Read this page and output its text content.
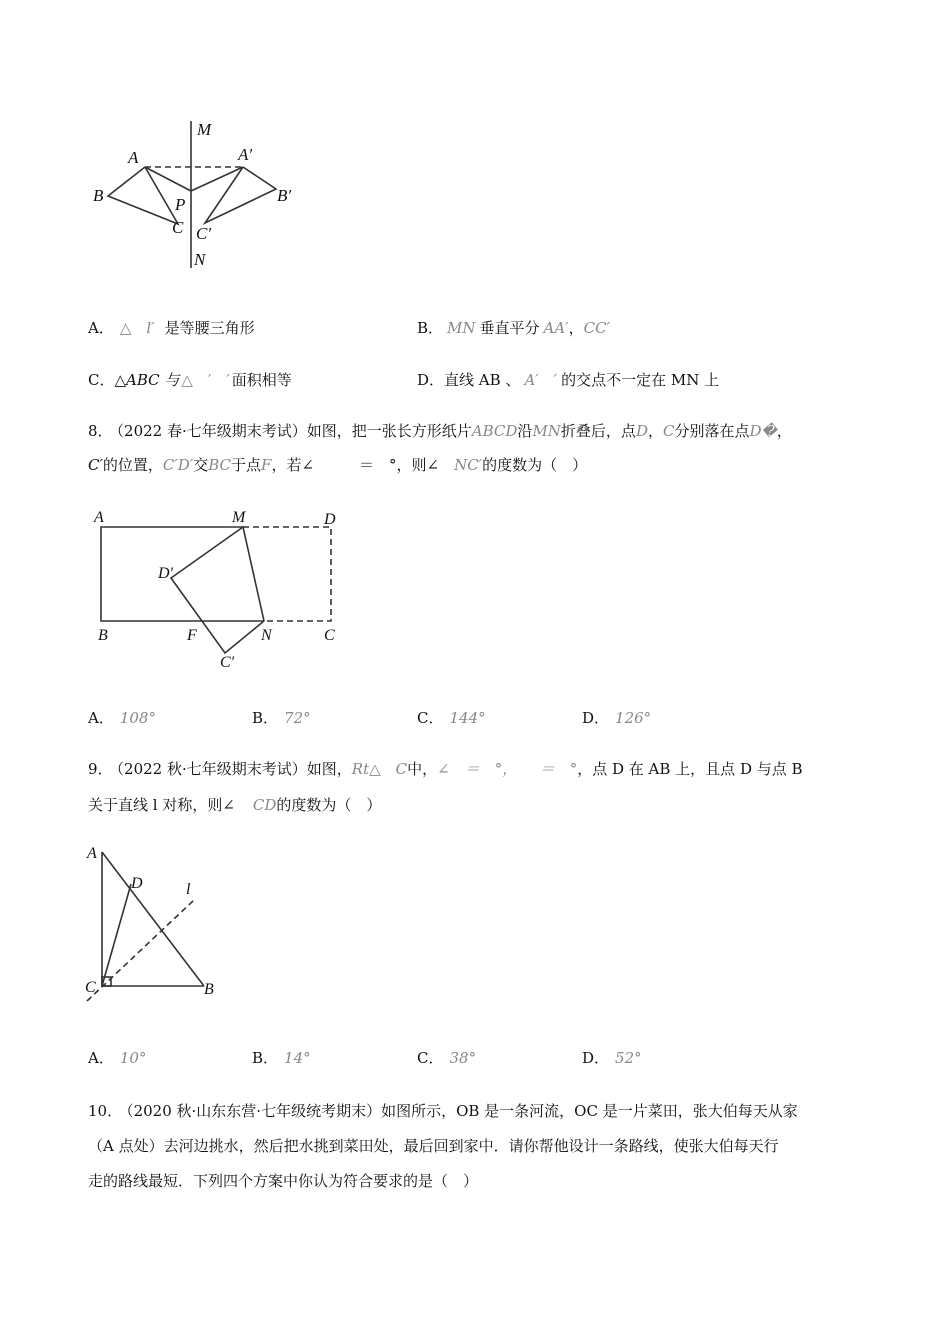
M
A	A′
B	B′
P
C C′
N
A． △　l′ 是等腰三角形	B． MN 垂直平分 AA′，CC′
C．△ABC 与 △　′　′ 面积相等	D．直线 AB 、 A′　′ 的交点不一定在 MN 上
8． （2022 春·七年级期末考试）如图，把一张长方形纸片ABCD沿MN折叠后，点D，C分别落在点D�，
C′的位置，C′D′交BC于点F，若∠　　　＝　°，则∠　NC′的度数为（　）
A	M	D
D′
B	F	N	C
C′
A． 108°	B． 72°	C． 144°	D． 126°
9． （2022 秋·七年级期末考试）如图，Rt△　C中，∠　＝　°，　　＝　°，点 D 在 AB 上，且点 D 与点 B
关于直线 l 对称，则∠ CD的度数为（　）
A
D	l
C	B
A． 10°	B． 14°	C． 38°	D． 52°
10． （2020 秋·山东东营·七年级统考期末）如图所示，OB 是一条河流，OC 是一片菜田，张大伯每天从家
（A 点处）去河边挑水，然后把水挑到菜田处，最后回到家中．请你帮他设计一条路线，使张大伯每天行
走的路线最短．下列四个方案中你认为符合要求的是（　）
